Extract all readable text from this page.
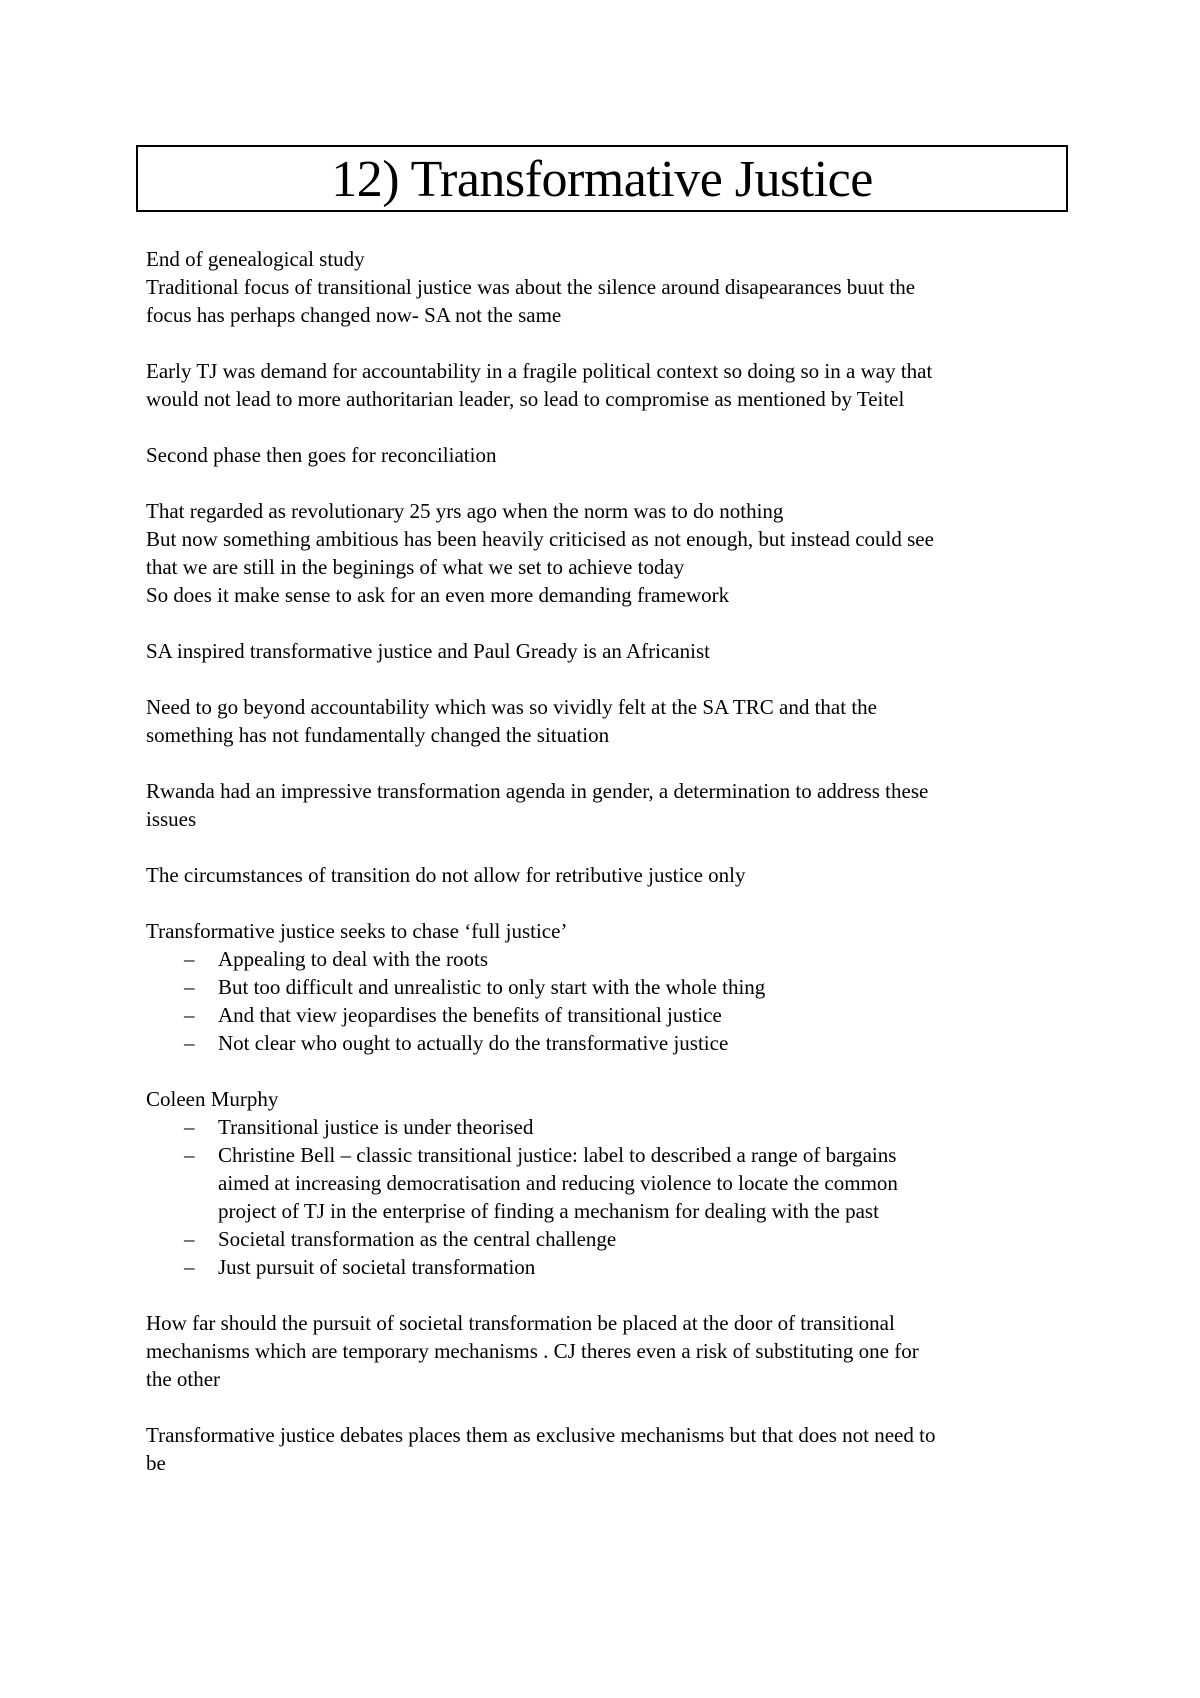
12) Transformative Justice
End of genealogical study
Traditional focus of transitional justice was about the silence around disapearances buut the
focus has perhaps changed now- SA not the same
Early TJ was demand for accountability in a fragile political context so doing so in a way that
would not lead to more authoritarian leader, so lead to compromise as mentioned by Teitel
Second phase then goes for reconciliation
That regarded as revolutionary 25 yrs ago when the norm was to do nothing
But now something ambitious has been heavily criticised as not enough, but instead could see
that we are still in the beginings of what we set to achieve today
So does it make sense to ask for an even more demanding framework
SA inspired transformative justice and Paul Gready is an Africanist
Need to go beyond accountability which was so vividly felt at the SA TRC and that the
something has not fundamentally changed the situation
Rwanda had an impressive transformation agenda in gender, a determination to address these
issues
The circumstances of transition do not allow for retributive justice only
Transformative justice seeks to chase ‘full justice’
– Appealing to deal with the roots
– But too difficult and unrealistic to only start with the whole thing
– And that view jeopardises the benefits of transitional justice
– Not clear who ought to actually do the transformative justice
Coleen Murphy
– Transitional justice is under theorised
– Christine Bell – classic transitional justice: label to described a range of bargains
aimed at increasing democratisation and reducing violence to locate the common
project of TJ in the enterprise of finding a mechanism for dealing with the past
– Societal transformation as the central challenge
– Just pursuit of societal transformation
How far should the pursuit of societal transformation be placed at the door of transitional
mechanisms which are temporary mechanisms . CJ theres even a risk of substituting one for
the other
Transformative justice debates places them as exclusive mechanisms but that does not need to
be
